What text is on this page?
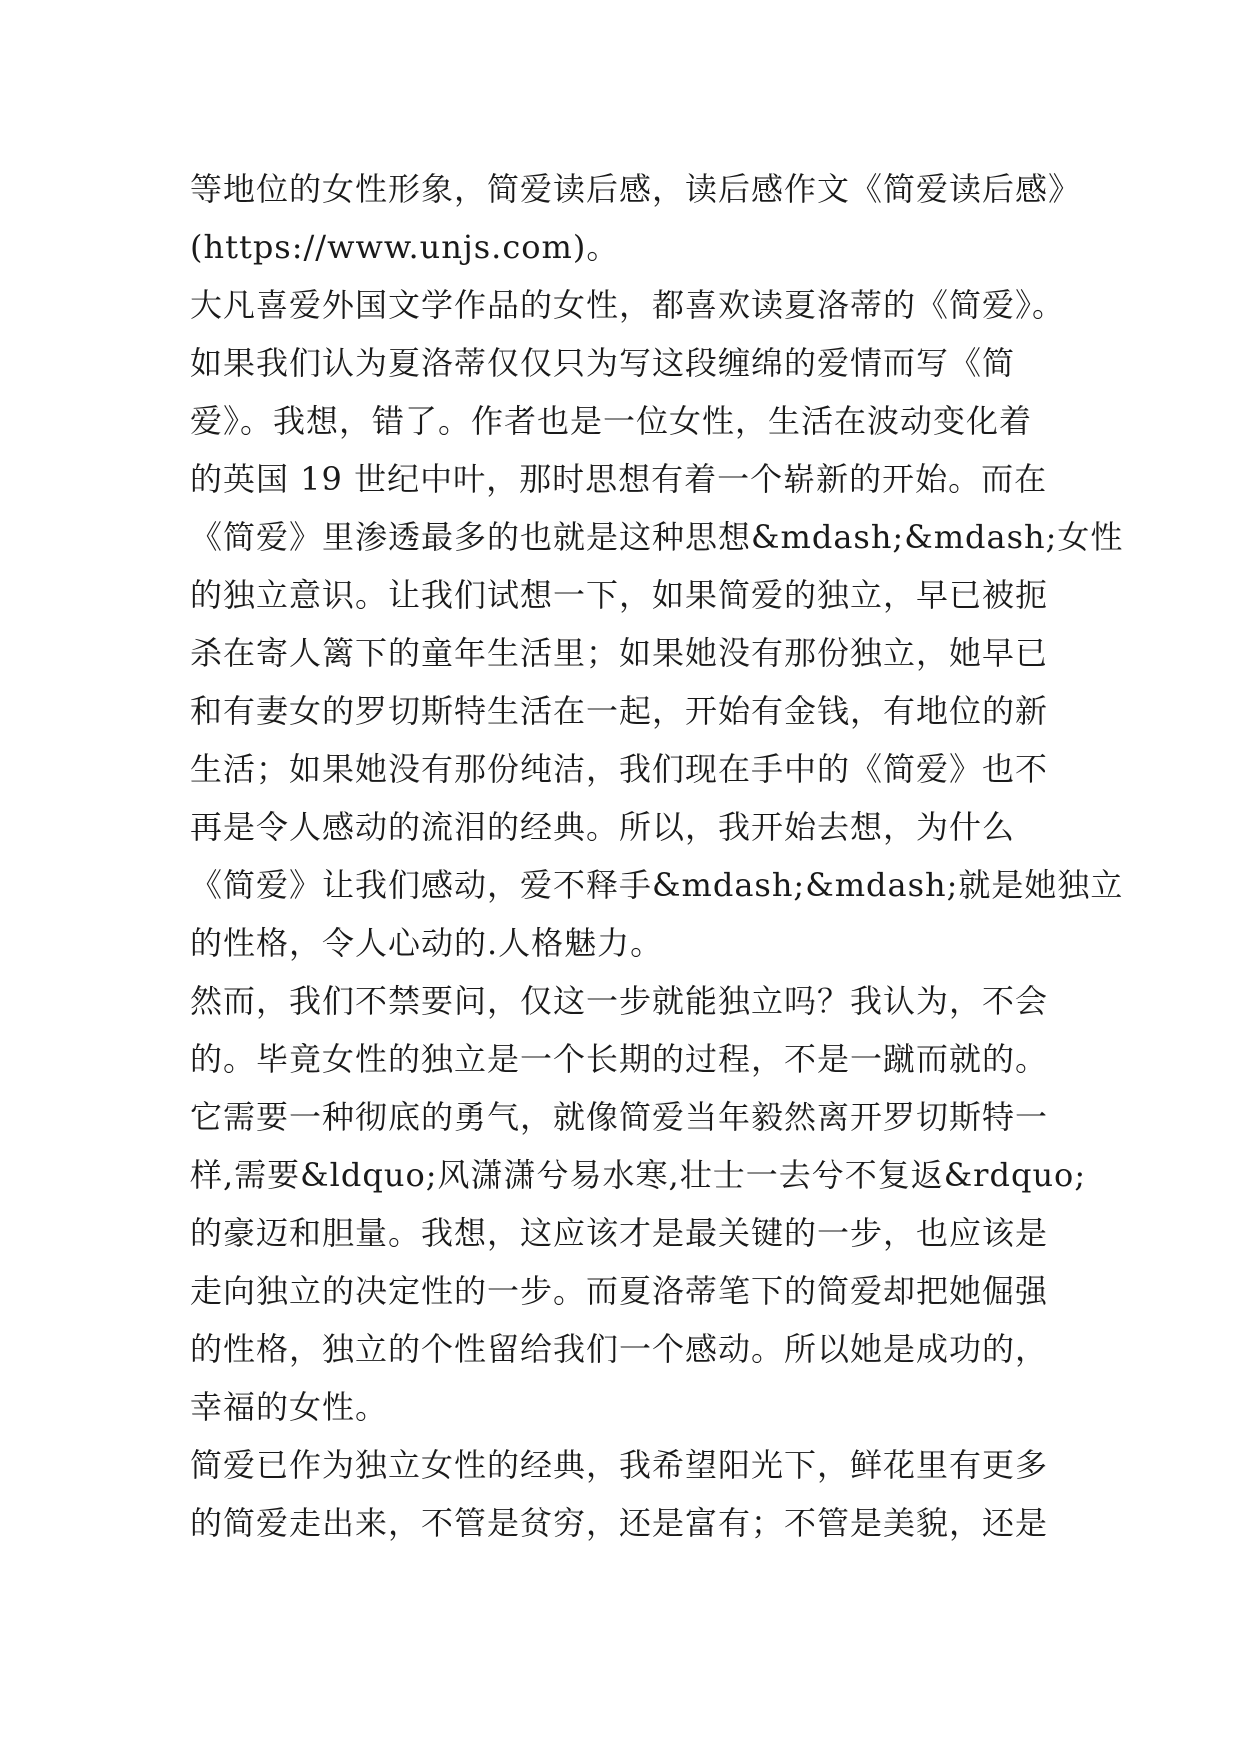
等地位的女性形象，简爱读后感，读后感作文《简爱读后感》
(https://www.unjs.com)。
大凡喜爱外国文学作品的女性，都喜欢读夏洛蒂的《简爱》。
如果我们认为夏洛蒂仅仅只为写这段缠绵的爱情而写《简
爱》。我想，错了。作者也是一位女性，生活在波动变化着
的英国 19 世纪中叶，那时思想有着一个崭新的开始。而在
《简爱》里渗透最多的也就是这种思想&mdash;&mdash;女性
的独立意识。让我们试想一下，如果简爱的独立，早已被扼
杀在寄人篱下的童年生活里；如果她没有那份独立，她早已
和有妻女的罗切斯特生活在一起，开始有金钱，有地位的新
生活；如果她没有那份纯洁，我们现在手中的《简爱》也不
再是令人感动的流泪的经典。所以，我开始去想，为什么
《简爱》让我们感动，爱不释手&mdash;&mdash;就是她独立
的性格，令人心动的.人格魅力。
然而，我们不禁要问，仅这一步就能独立吗？我认为，不会
的。毕竟女性的独立是一个长期的过程，不是一蹴而就的。
它需要一种彻底的勇气，就像简爱当年毅然离开罗切斯特一
样,需要&ldquo;风潇潇兮易水寒,壮士一去兮不复返&rdquo;
的豪迈和胆量。我想，这应该才是最关键的一步，也应该是
走向独立的决定性的一步。而夏洛蒂笔下的简爱却把她倔强
的性格，独立的个性留给我们一个感动。所以她是成功的，
幸福的女性。
简爱已作为独立女性的经典，我希望阳光下，鲜花里有更多
的简爱走出来，不管是贫穷，还是富有；不管是美貌，还是
